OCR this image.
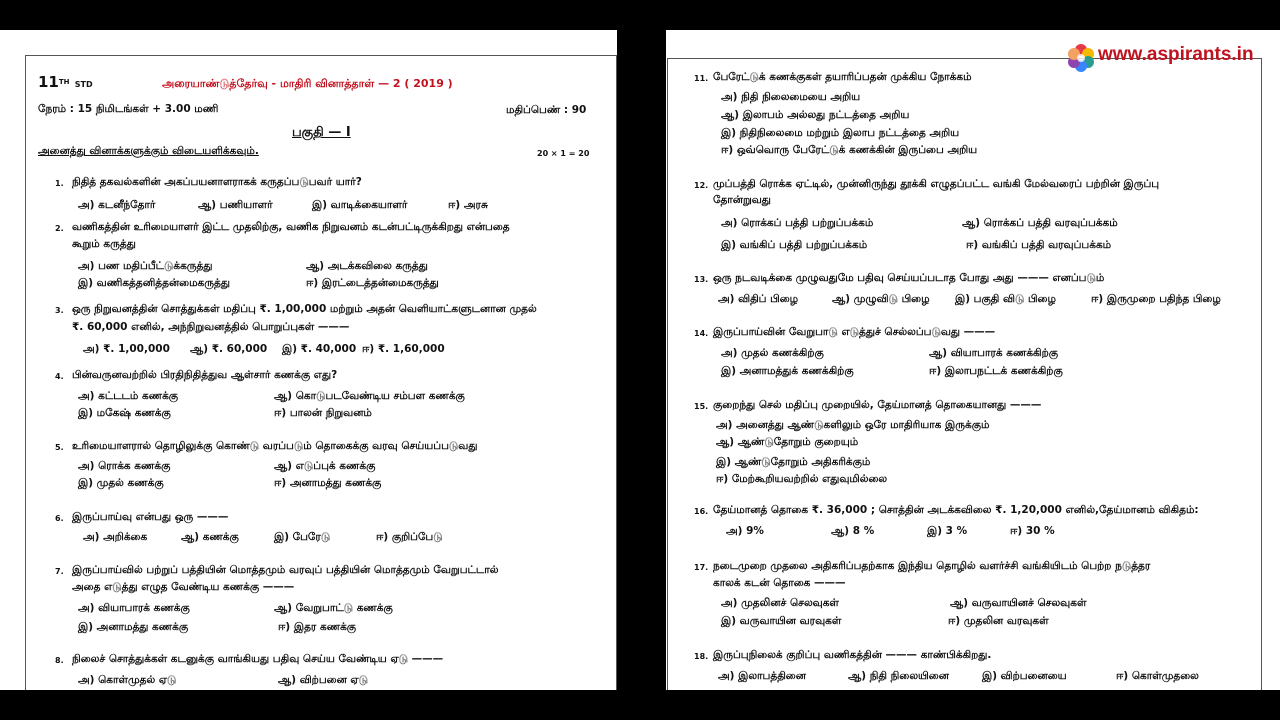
11TH STD	அரையாண்டுத்தேர்வு - மாதிரி வினாத்தாள் — 2 ( 2019 )
நேரம் : 15 நிமிடங்கள் + 3.00 மணி	மதிப்பெண் : 90
பகுதி — I
அனைத்து வினாக்களுக்கும் விடையளிக்கவும்.	20 × 1 = 20
1. நிதித் தகவல்களின் அகப்பயனாளராகக் கருதப்படுபவர் யார்?
அ) கடனீந்தோர்	ஆ) பணியாளர்	இ) வாடிக்கையாளர்	ஈ) அரசு
2. வணிகத்தின் உரிமையாளர் இட்ட முதலிற்கு, வணிக நிறுவனம் கடன்பட்டிருக்கிறது என்பதை
கூறும் கருத்து
அ) பண மதிப்பீட்டுக்கருத்து	ஆ) அடக்கவிலை கருத்து
இ) வணிகத்தனித்தன்மைகருத்து	ஈ) இரட்டைத்தன்மைகருத்து
3. ஒரு நிறுவனத்தின் சொத்துக்கள் மதிப்பு ₹. 1,00,000 மற்றும் அதன் வெளியாட்களுடனான முதல்
₹. 60,000 எனில், அந்நிறுவனத்தில் பொறுப்புகள் ———
அ) ₹. 1,00,000 ஆ) ₹. 60,000 இ) ₹. 40,000 ஈ) ₹. 1,60,000
4. பின்வருனவற்றில் பிரதிநிதித்துவ ஆள்சார் கணக்கு எது?
அ) கட்டடம் கணக்கு	ஆ) கொடுபடவேண்டிய சம்பள கணக்கு
இ) மகேஷ் கணக்கு	ஈ) பாலன் நிறுவனம்
5. உரிமையாளரால் தொழிலுக்கு கொண்டு வரப்படும் தொகைக்கு வரவு செய்யப்படுவது
அ) ரொக்க கணக்கு	ஆ) எடுப்புக் கணக்கு
இ) முதல் கணக்கு	ஈ) அனாமத்து கணக்கு
6. இருப்பாய்வு என்பது ஒரு ———
அ) அறிக்கை	ஆ) கணக்கு	இ) பேரேடு	ஈ) குறிப்பேடு
7. இருப்பாய்வில் பற்றுப் பத்தியின் மொத்தமும் வரவுப் பத்தியின் மொத்தமும் வேறுபட்டால்
அதை எடுத்து எழுத வேண்டிய கணக்கு ———
அ) வியாபாரக் கணக்கு	ஆ) வேறுபாட்டு கணக்கு
இ) அனாமத்து கணக்கு	ஈ) இதர கணக்கு
8. நிலைச் சொத்துக்கள் கடனுக்கு வாங்கியது பதிவு செய்ய வேண்டிய ஏடு ———
அ) கொள்முதல் ஏடு	ஆ) விற்பனை ஏடு
www.aspirants.in
11. பேரேட்டுக் கணக்குகள் தயாரிப்பதன் முக்கிய நோக்கம்
அ) நிதி நிலைமையை அறிய
ஆ) இலாபம் அல்லது நட்டத்தை அறிய
இ) நிதிநிலைமை மற்றும் இலாப நட்டத்தை அறிய
ஈ) ஒவ்வொரு பேரேட்டுக் கணக்கின் இருப்பை அறிய
12. முப்பத்தி ரொக்க ஏட்டில், முன்னிருந்து தூக்கி எழுதப்பட்ட வங்கி மேல்வரைப் பற்றின் இருப்பு
தோன்றுவது
அ) ரொக்கப் பத்தி பற்றுப்பக்கம்	ஆ) ரொக்கப் பத்தி வரவுப்பக்கம்
இ) வங்கிப் பத்தி பற்றுப்பக்கம்	ஈ) வங்கிப் பத்தி வரவுப்பக்கம்
13. ஒரு நடவடிக்கை முழுவதுமே பதிவு செய்யப்படாத போது அது ——— எனப்படும்
அ) விதிப் பிழை	ஆ) முழுவிடு பிழை இ) பகுதி விடு பிழை	ஈ) இருமுறை பதிந்த பிழை
14. இருப்பாய்வின் வேறுபாடு எடுத்துச் செல்லப்படுவது ———
அ) முதல் கணக்கிற்கு	ஆ) வியாபாரக் கணக்கிற்கு
இ) அனாமத்துக் கணக்கிற்கு	ஈ) இலாபநட்டக் கணக்கிற்கு
15. குறைந்து செல் மதிப்பு முறையில், தேய்மானத் தொகையானது ———
அ) அனைத்து ஆண்டுகளிலும் ஒரே மாதிரியாக இருக்கும்
ஆ) ஆண்டுதோறும் குறையும்
இ) ஆண்டுதோறும் அதிகரிக்கும்
ஈ) மேற்கூறியவற்றில் எதுவுமில்லை
16. தேய்மானத் தொகை ₹. 36,000 ; சொத்தின் அடக்கவிலை ₹. 1,20,000 எனில்,தேய்மானம் விகிதம்:
அ) 9%	ஆ) 8 %	இ) 3 %	ஈ) 30 %
17. நடைமுறை முதலை அதிகரிப்பதற்காக இந்திய தொழில் வளர்ச்சி வங்கியிடம் பெற்ற நடுத்தர
காலக் கடன் தொகை ———
அ) முதலினச் செலவுகள்	ஆ) வருவாயினச் செலவுகள்
இ) வருவாயின வரவுகள்	ஈ) முதலின வரவுகள்
18. இருப்புநிலைக் குறிப்பு வணிகத்தின் ——— காண்பிக்கிறது.
அ) இலாபத்தினை	ஆ) நிதி நிலையினை	இ) விற்பனையை	ஈ) கொள்முதலை
